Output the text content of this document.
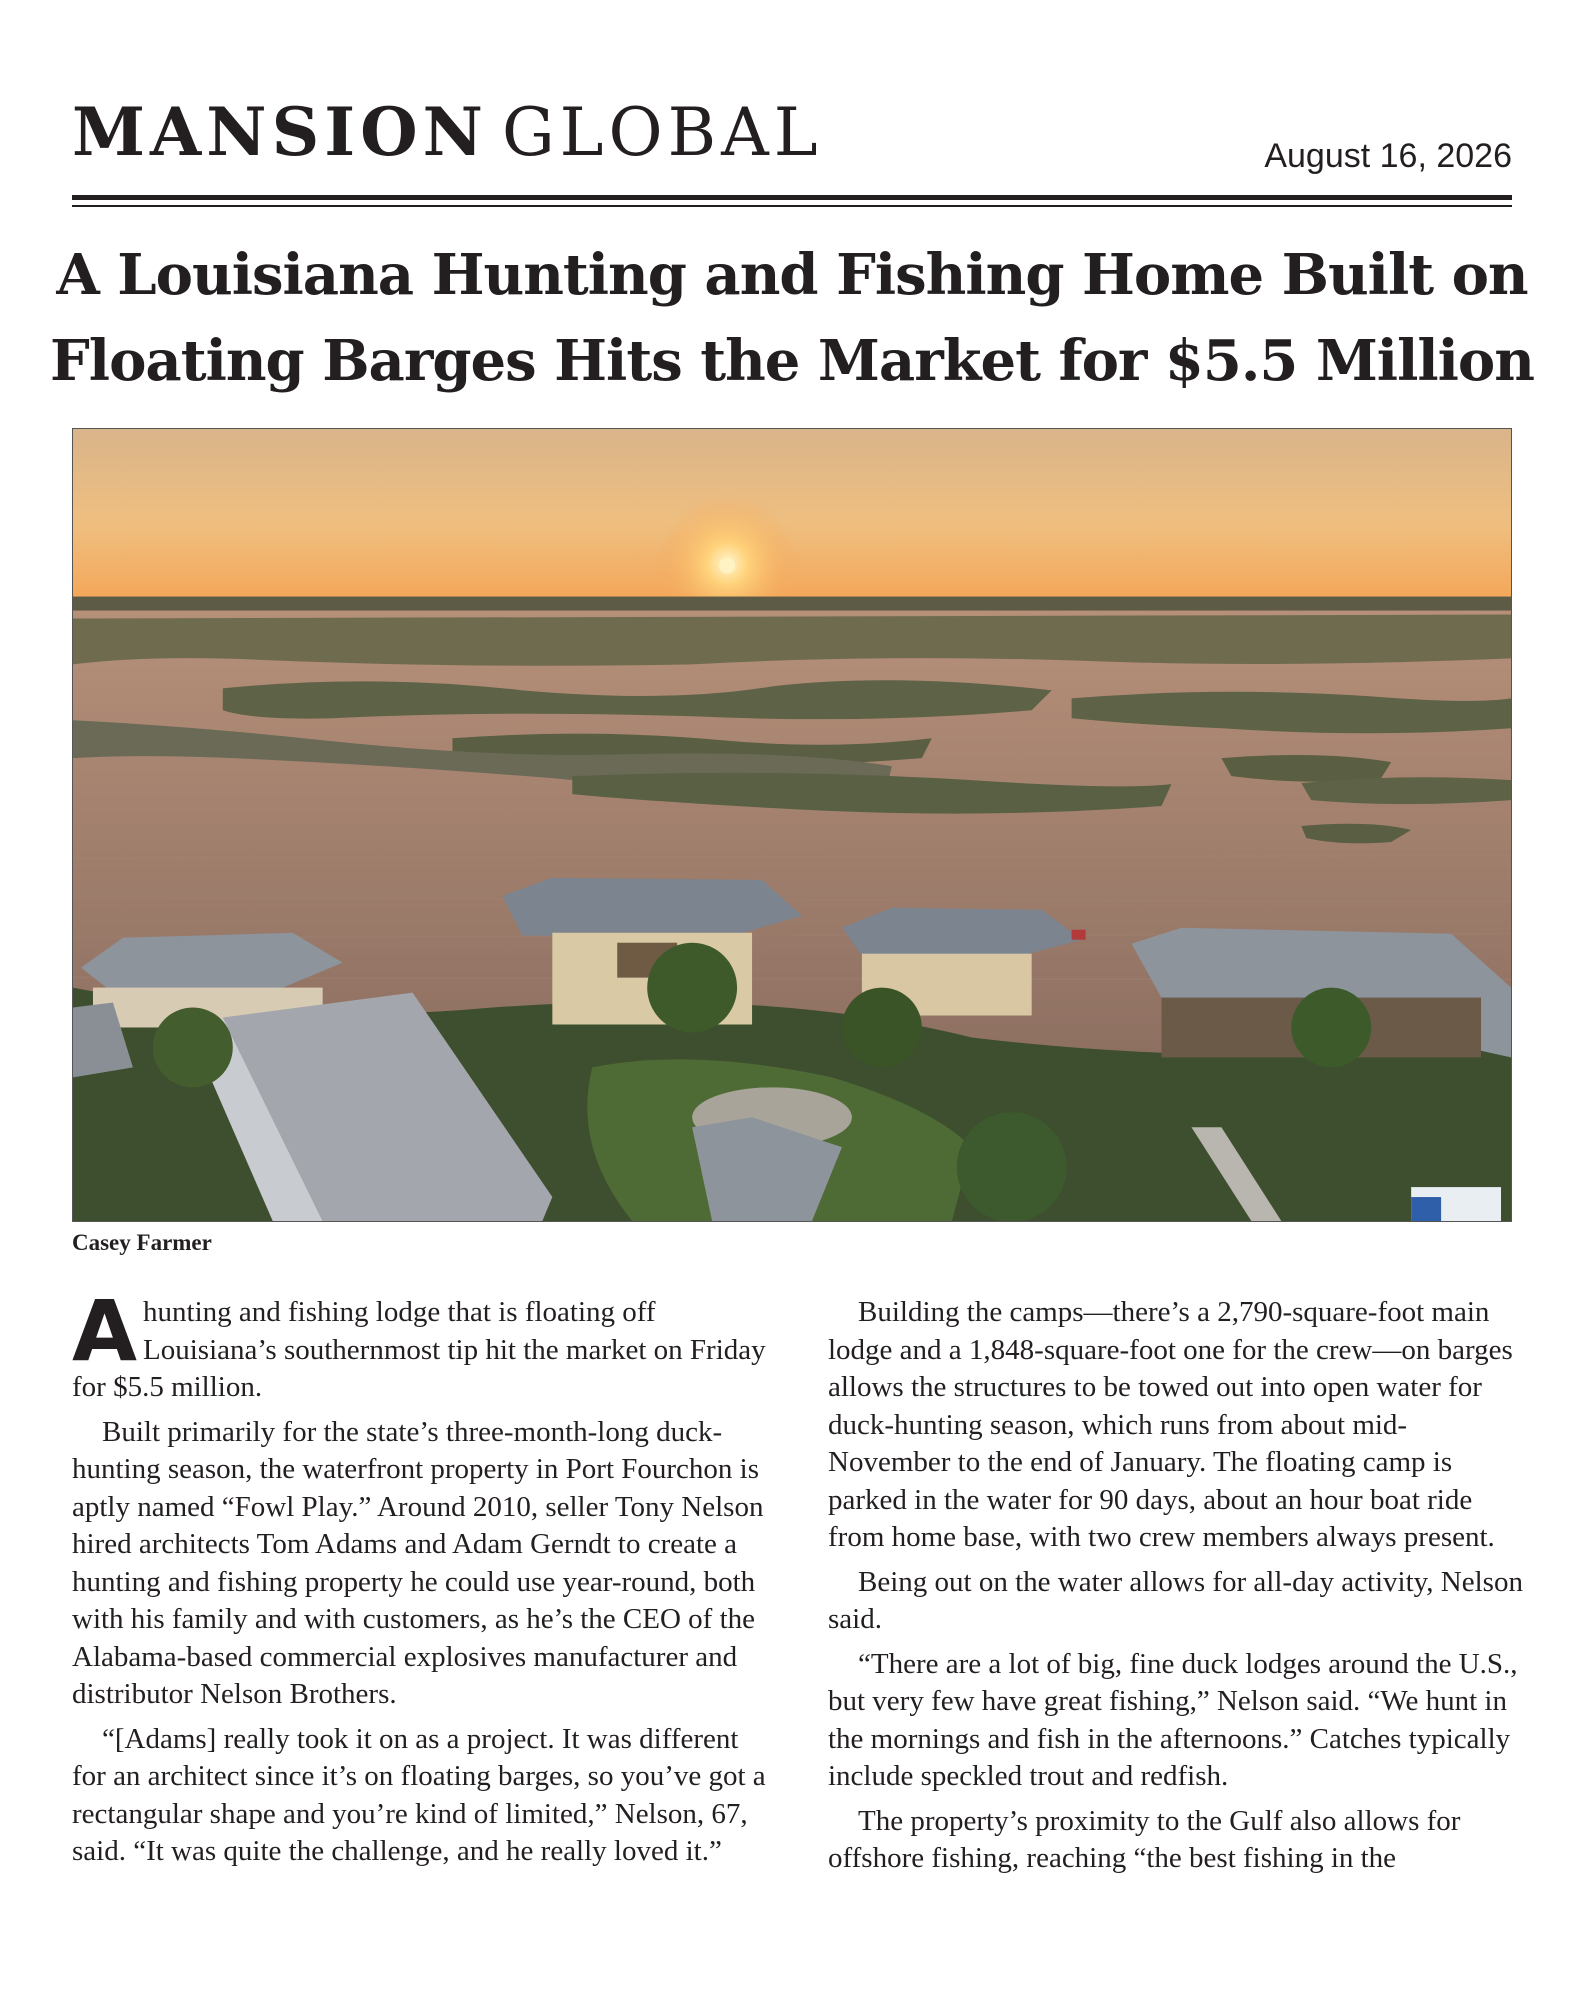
MANSION GLOBAL	August 16, 2026
A Louisiana Hunting and Fishing Home Built on Floating Barges Hits the Market for $5.5 Million
Casey Farmer

Ahunting and fishing lodge that is floating off Louisiana’s southernmost tip hit the market on Friday for $5.5 million.

Built primarily for the state’s three-month-long duck-hunting season, the waterfront property in Port Fourchon is aptly named “Fowl Play.” Around 2010, seller Tony Nelson hired architects Tom Adams and Adam Gerndt to create a hunting and fishing property he could use year-round, both with his family and with customers, as he’s the CEO of the Alabama-based commercial explosives manufacturer and distributor Nelson Brothers.

“[Adams] really took it on as a project. It was different for an architect since it’s on floating barges, so you’ve got a rectangular shape and you’re kind of limited,” Nelson, 67, said. “It was quite the challenge, and he really loved it.”

Building the camps—there’s a 2,790-square-foot main lodge and a 1,848-square-foot one for the crew—on barges allows the structures to be towed out into open water for duck-hunting season, which runs from about mid-November to the end of January. The floating camp is parked in the water for 90 days, about an hour boat ride from home base, with two crew members always present.

Being out on the water allows for all-day activity, Nelson said.

“There are a lot of big, fine duck lodges around the U.S., but very few have great fishing,” Nelson said. “We hunt in the mornings and fish in the afternoons.” Catches typically include speckled trout and redfish.

The property’s proximity to the Gulf also allows for offshore fishing, reaching “the best fishing in the
